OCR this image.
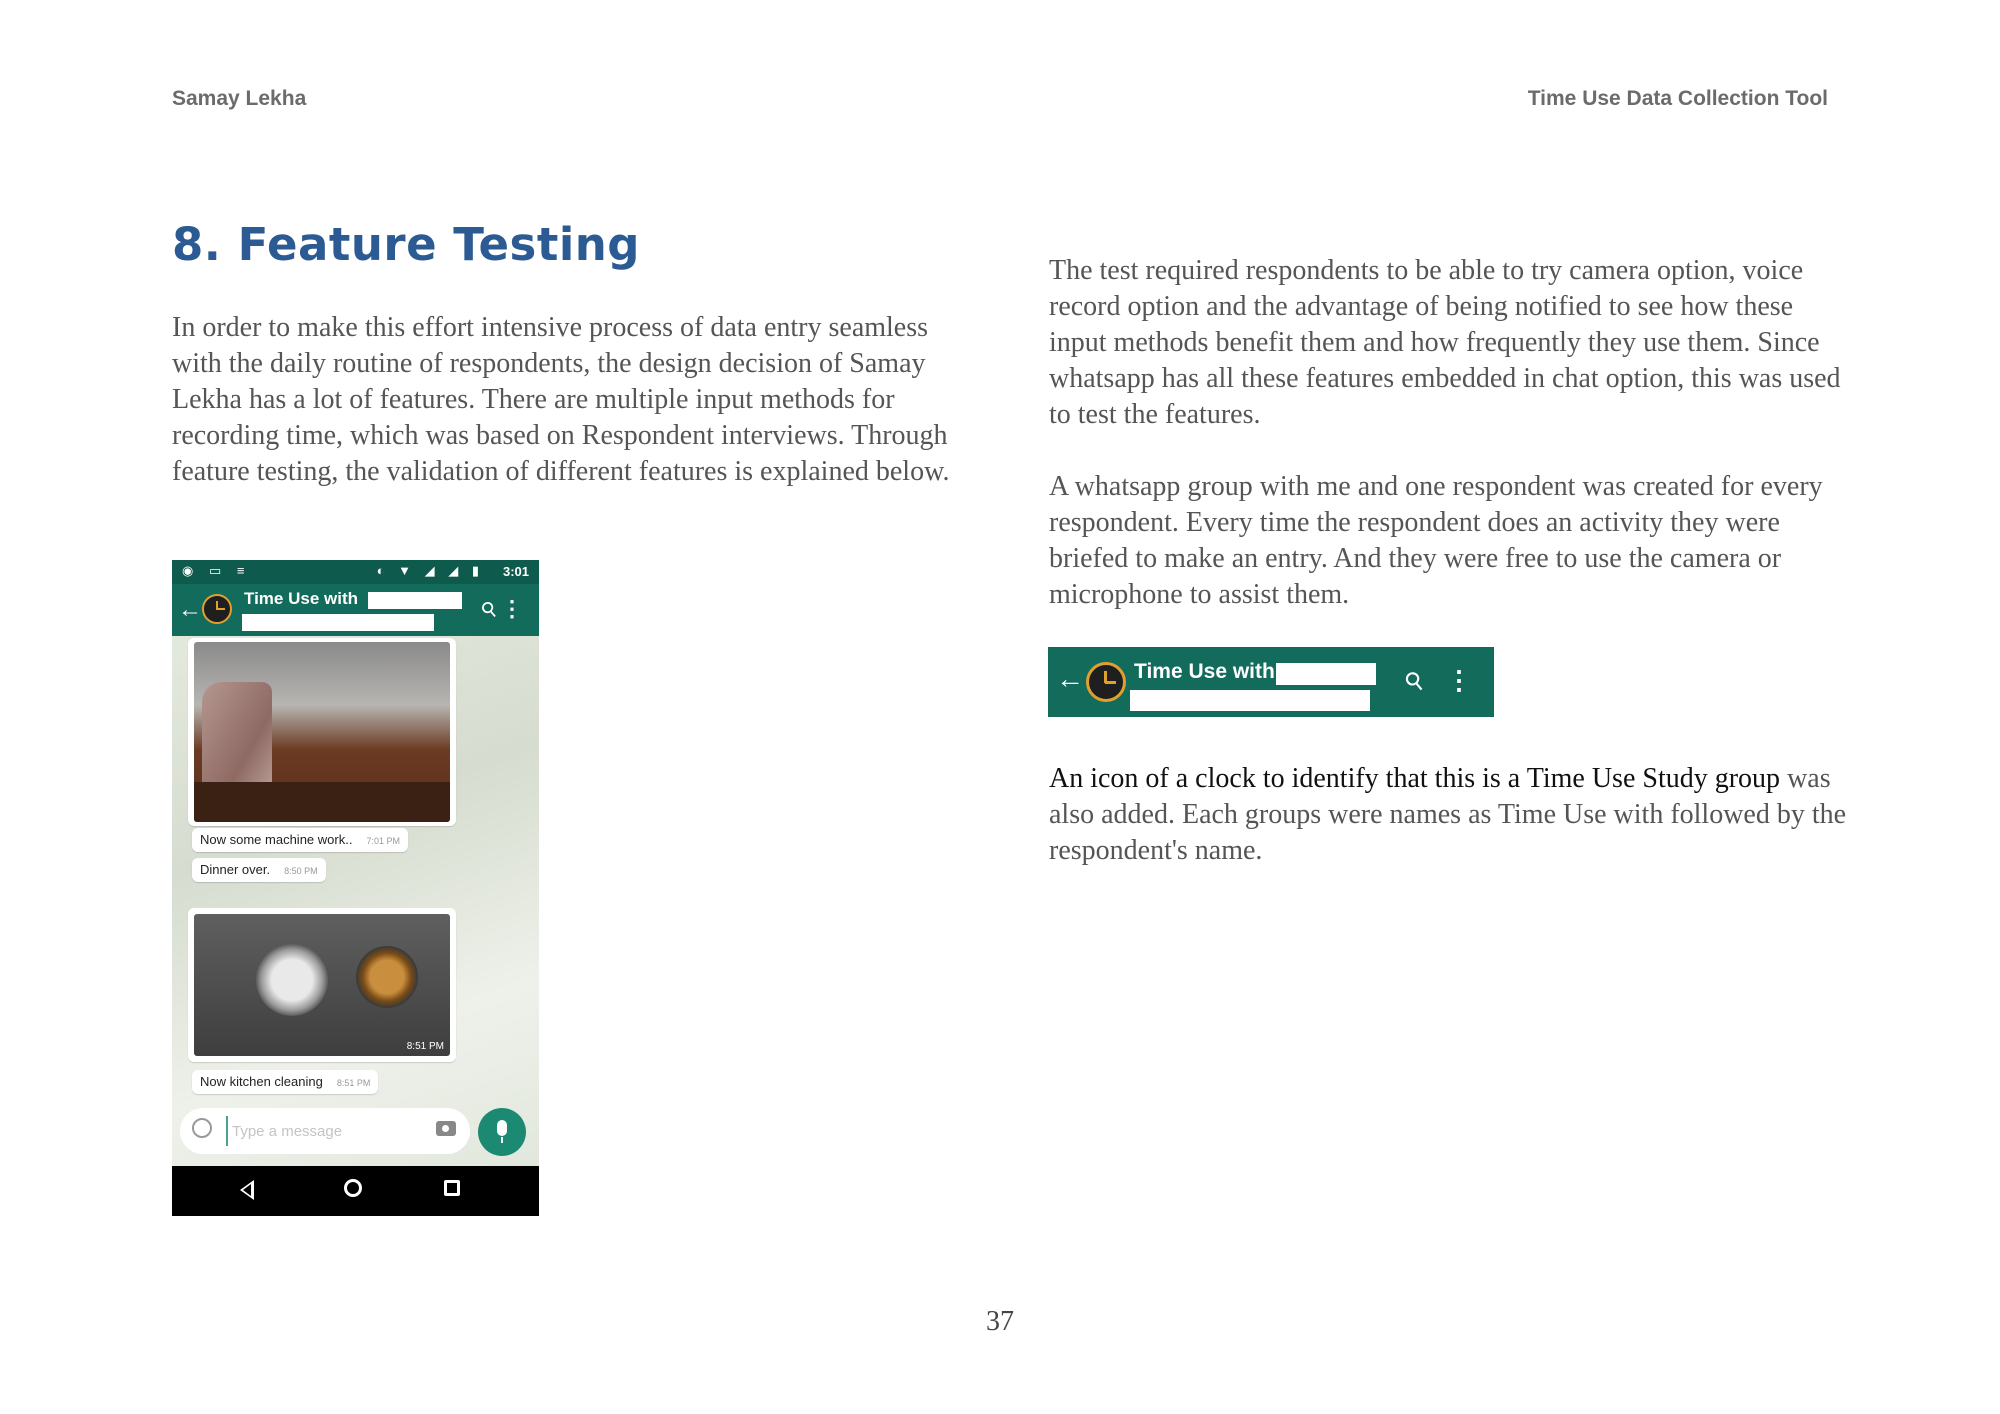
Samay Lekha	Time Use Data Collection Tool
8. Feature Testing

In order to make this effort intensive process of data entry seamless with the daily routine of respondents, the design decision of Samay Lekha has a lot of features. There are multiple input methods for recording time, which was based on Respondent interviews. Through feature testing, the validation of different features is explained below.

◉ ▭ ≡	◐ ▼ ◢ ◢ ▮ 3:01
← Time Use with	⚲
⋮
Now some machine work.. 7:01 PM
Dinner over. 8:50 PM
8:51 PM
Now kitchen cleaning 8:51 PM
Type a message

The test required respondents to be able to try camera option, voice record option and the advantage of being notified to see how these input methods benefit them and how frequently they use them. Since whatsapp has all these features embedded in chat option, this was used to test the features.

A whatsapp group with me and one respondent was created for every respondent. Every time the respondent does an activity they were briefed to make an entry. And they were free to use the camera or microphone to assist them.

← Time Use with	⚲ ⋮

An icon of a clock to identify that this is a Time Use Study group was also added. Each groups were names as Time Use with followed by the respondent's name.

37
